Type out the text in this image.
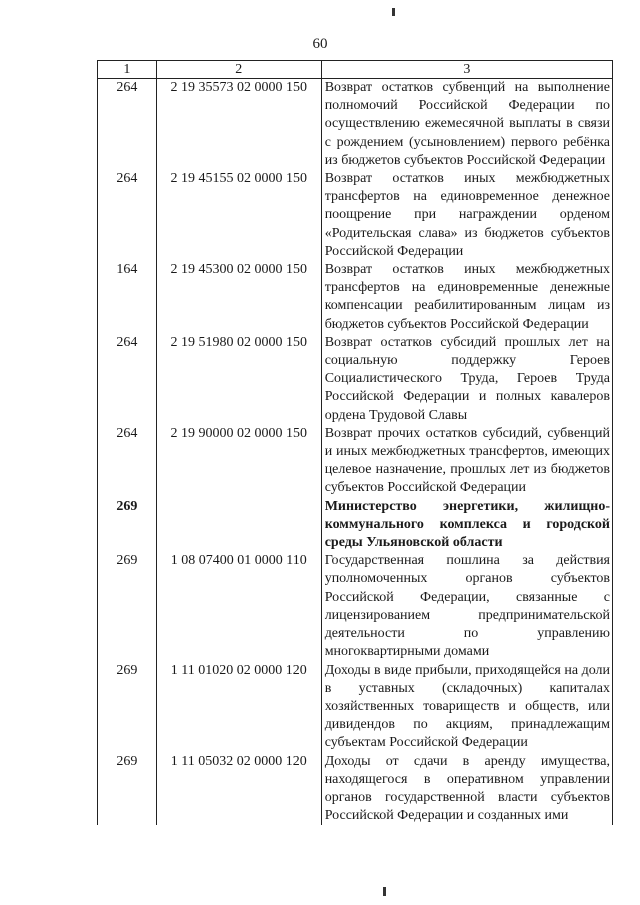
60
1	2	3
264	2 19 35573 02 0000 150	Возврат остатков субвенций на выполнение полномочий Российской Федерации по осуществлению ежемесячной выплаты в связи с рождением (усыновлением) первого ребёнка из бюджетов субъектов Российской Федерации
264	2 19 45155 02 0000 150	Возврат остатков иных межбюджетных трансфертов на единовременное денежное поощрение при награждении орденом «Родительская слава» из бюджетов субъектов Российской Федерации
164	2 19 45300 02 0000 150	Возврат остатков иных межбюджетных трансфертов на единовременные денежные компенсации реабилитированным лицам из бюджетов субъектов Российской Федерации
264	2 19 51980 02 0000 150	Возврат остатков субсидий прошлых лет на социальную поддержку Героев Социалистического Труда, Героев Труда Российской Федерации и полных кавалеров ордена Трудовой Славы
264	2 19 90000 02 0000 150	Возврат прочих остатков субсидий, субвенций и иных межбюджетных трансфертов, имеющих целевое назначение, прошлых лет из бюджетов субъектов Российской Федерации
269		Министерство энергетики, жилищно-коммунального комплекса и городской среды Ульяновской области
269	1 08 07400 01 0000 110	Государственная пошлина за действия уполномоченных органов субъектов Российской Федерации, связанные с лицензированием предпринимательской деятельности по управлению многоквартирными домами
269	1 11 01020 02 0000 120	Доходы в виде прибыли, приходящейся на доли в уставных (складочных) капиталах хозяйственных товариществ и обществ, или дивидендов по акциям, принадлежащим субъектам Российской Федерации
269	1 11 05032 02 0000 120	Доходы от сдачи в аренду имущества, находящегося в оперативном управлении органов государственной власти субъектов Российской Федерации и созданных ими
